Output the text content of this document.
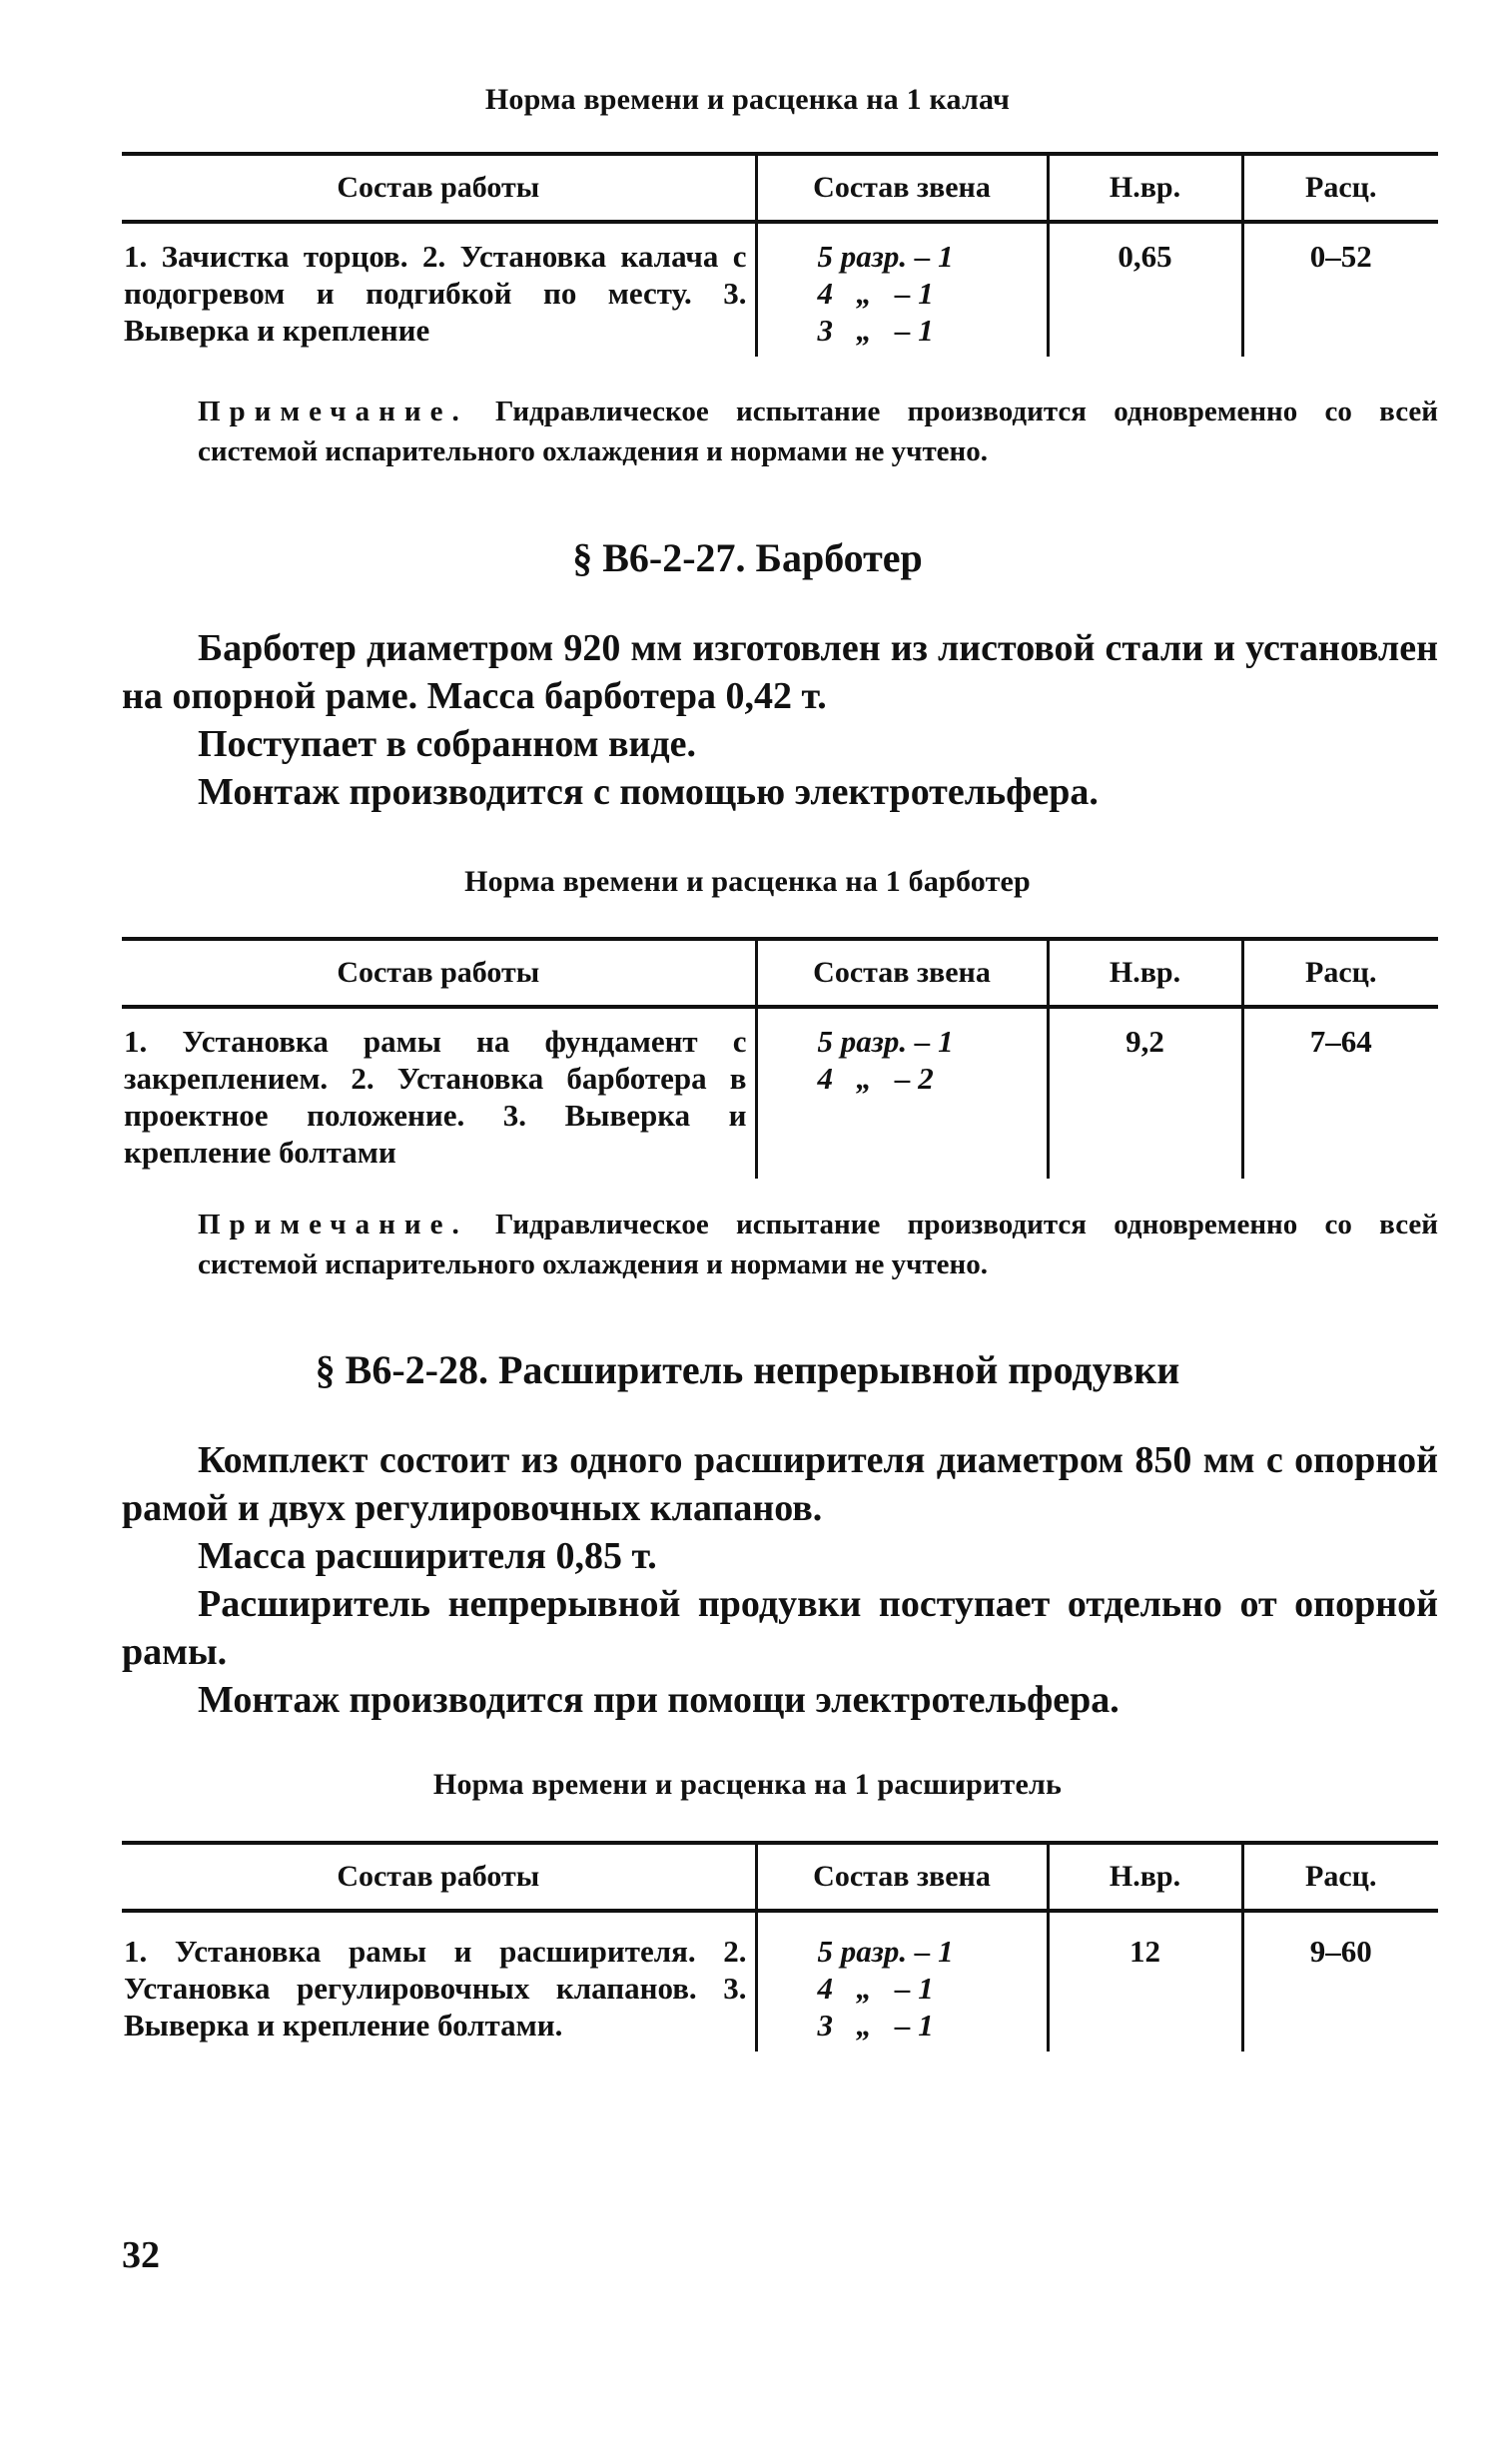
Норма времени и расценка на 1 калач
Состав работы	Состав звена	Н.вр.	Расц.
1. Зачистка торцов. 2. Установка калача с подогревом и подгибкой по месту. 3. Выверка и крепление	5 разр. – 1
4   „   – 1
3   „   – 1	0,65	0–52
Примечание. Гидравлическое испытание производится одновременно со всей системой испарительного охлаждения и нормами не учтено.
§ В6-2-27. Барботер

Барботер диаметром 920 мм изготовлен из листовой стали и установлен на опорной раме. Масса барботера 0,42 т.

Поступает в собранном виде.

Монтаж производится с помощью электротельфера.

Норма времени и расценка на 1 барботер
Состав работы	Состав звена	Н.вр.	Расц.
1. Установка рамы на фундамент с закреплением. 2. Установка барботера в проектное положение. 3. Выверка и крепление болтами	5 разр. – 1
4   „   – 2	9,2	7–64
Примечание. Гидравлическое испытание производится одновременно со всей системой испарительного охлаждения и нормами не учтено.
§ В6-2-28. Расширитель непрерывной продувки

Комплект состоит из одного расширителя диаметром 850 мм с опорной рамой и двух регулировочных клапанов.

Масса расширителя 0,85 т.

Расширитель непрерывной продувки поступает отдельно от опорной рамы.

Монтаж производится при помощи электротельфера.

Норма времени и расценка на 1 расширитель
Состав работы	Состав звена	Н.вр.	Расц.
1. Установка рамы и расширителя. 2. Установка регулировочных клапанов. 3. Выверка и крепление болтами.	5 разр. – 1
4   „   – 1
3   „   – 1	12	9–60
32
